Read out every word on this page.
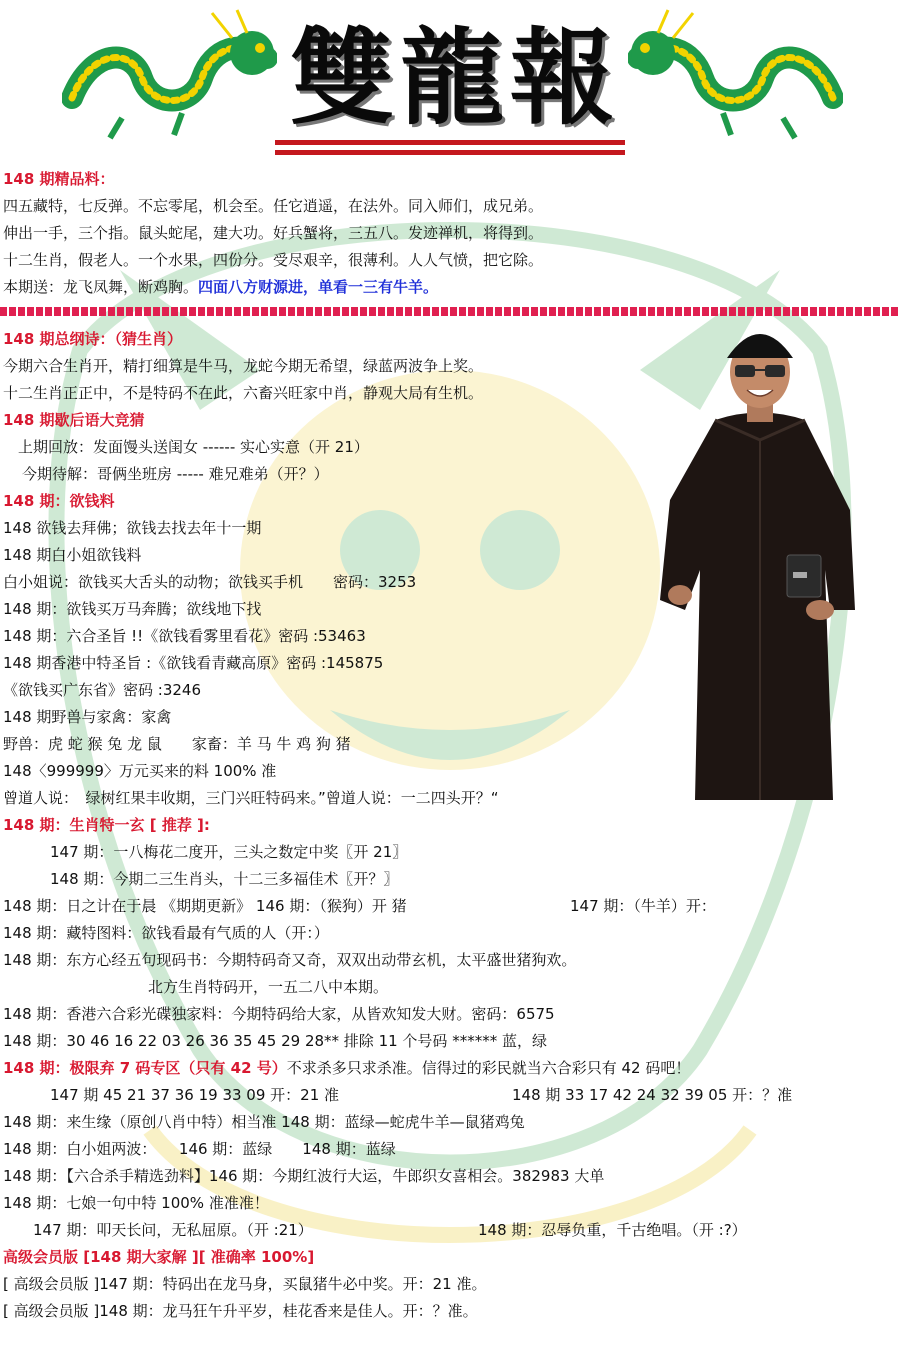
雙龍報
148 期精品料：
四五藏特，七反弹。不忘零尾，机会至。任它逍遥，在法外。同入师们，成兄弟。
伸出一手，三个指。鼠头蛇尾，建大功。好兵蟹将，三五八。发迹禅机，将得到。
十二生肖，假老人。一个水果，四份分。受尽艰辛，很薄利。人人气愤，把它除。
本期送：龙飞凤舞，断鸡胸。四面八方财源进，单看一三有牛羊。
148 期总纲诗：（猜生肖）
今期六合生肖开，精打细算是牛马，龙蛇今期无希望，绿蓝两波争上奖。
十二生肖正正中，不是特码不在此，六畜兴旺家中肖，静观大局有生机。
148 期歇后语大竞猜
上期回放：发面馒头送闺女 ------ 实心实意（开 21）
今期待解：哥俩坐班房 ----- 难兄难弟（开？）
148 期：欲钱料
148 欲钱去拜佛；欲钱去找去年十一期
148 期白小姐欲钱料
白小姐说：欲钱买大舌头的动物；欲钱买手机　　密码：3253
148 期：欲钱买万马奔腾；欲线地下找
148 期：六合圣旨 !!《欲钱看雾里看花》密码 :53463
148 期香港中特圣旨 :《欲钱看青藏高原》密码 :145875
《欲钱买广东省》密码 :3246
148 期野兽与家禽：家禽
野兽：虎 蛇 猴 兔 龙 鼠　　家畜：羊 马 牛 鸡 狗 猪
148〈999999〉万元买来的料 100% 准
曾道人说：　绿树红果丰收期，三门兴旺特码来。”曾道人说：一二四头开？“
148 期：生肖特一玄 [ 推荐 ]:
147 期：一八梅花二度开，三头之数定中奖〖开 21〗
148 期：今期二三生肖头，十二三多福佳术〖开？〗
148 期：日之计在于晨 《期期更新》 146 期：（猴狗）开 猪	147 期：（牛羊）开：
148 期：藏特图料：欲钱看最有气质的人（开：）
148 期：东方心经五句现码书：今期特码奇又奇，双双出动带玄机，太平盛世猪狗欢。
北方生肖特码开，一五二八中本期。
148 期：香港六合彩光碟独家料：今期特码给大家，从皆欢知发大财。密码：6575
148 期：30 46 16 22 03 26 36 35 45 29 28** 排除 11 个号码 ****** 蓝，绿
148 期：极限弃 7 码专区（只有 42 号）不求杀多只求杀准。信得过的彩民就当六合彩只有 42 码吧！
147 期 45 21 37 36 19 33 09 开：21 准	148 期 33 17 42 24 32 39 05 开：？准
148 期：来生缘（原创八肖中特）相当准 148 期：蓝绿—蛇虎牛羊—鼠猪鸡兔
148 期：白小姐两波：　　146 期：蓝绿　　148 期：蓝绿
148 期：【六合杀手精选劲料】146 期：今期红波行大运，牛郎织女喜相会。382983 大单
148 期：七娘一句中特 100% 准准准！
147 期：叩天长问，无私屈原。（开 :21）	148 期：忍辱负重，千古绝唱。（开 :?）
高级会员版 [148 期大家解 ][ 准确率 100%]
[ 高级会员版 ]147 期：特码出在龙马身，买鼠猪牛必中奖。开：21 准。
[ 高级会员版 ]148 期：龙马狂午升平岁，桂花香来是佳人。开：？准。
